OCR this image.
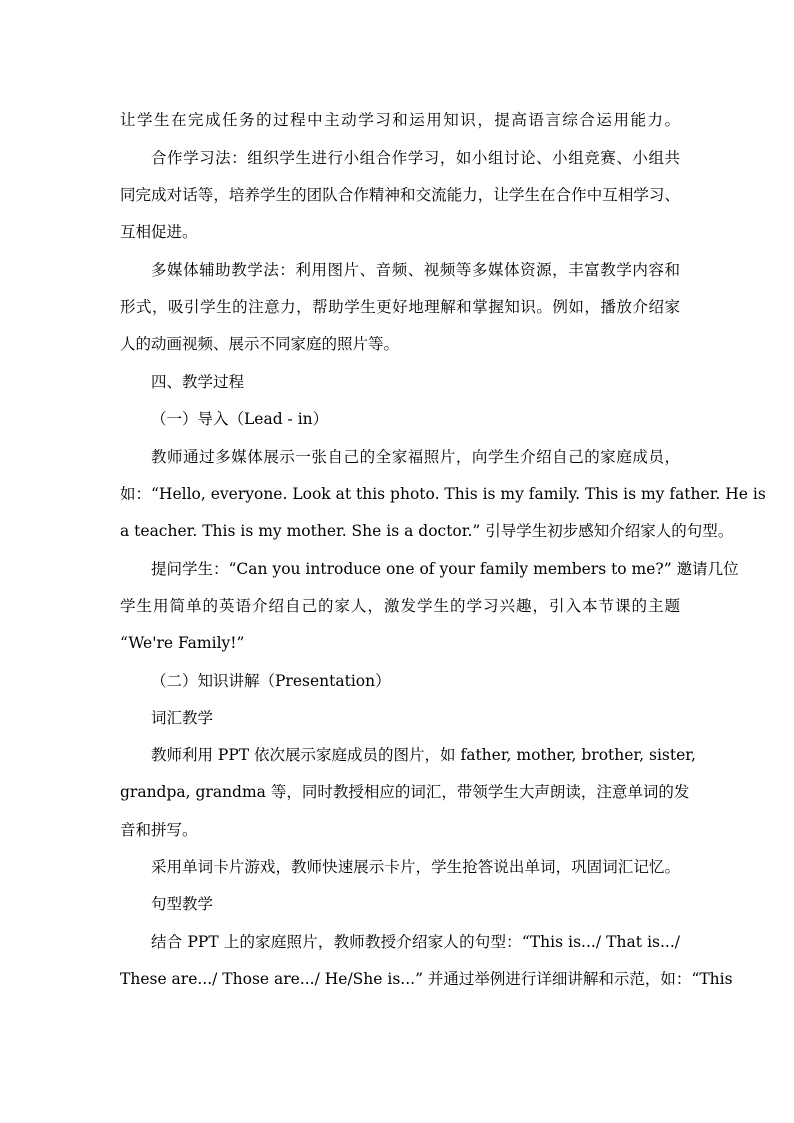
让学生在完成任务的过程中主动学习和运用知识，提高语言综合运用能力。
合作学习法：组织学生进行小组合作学习，如小组讨论、小组竞赛、小组共
同完成对话等，培养学生的团队合作精神和交流能力，让学生在合作中互相学习、
互相促进。
多媒体辅助教学法：利用图片、音频、视频等多媒体资源，丰富教学内容和
形式，吸引学生的注意力，帮助学生更好地理解和掌握知识。例如，播放介绍家
人的动画视频、展示不同家庭的照片等。
四、教学过程
（一）导入（Lead - in）
教师通过多媒体展示一张自己的全家福照片，向学生介绍自己的家庭成员，
如：“Hello, everyone. Look at this photo. This is my family. This is my father. He is
a teacher. This is my mother. She is a doctor.” 引导学生初步感知介绍家人的句型。
提问学生：“Can you introduce one of your family members to me?” 邀请几位
学生用简单的英语介绍自己的家人，激发学生的学习兴趣，引入本节课的主题
“We're Family!”
（二）知识讲解（Presentation）
词汇教学
教师利用 PPT 依次展示家庭成员的图片，如 father, mother, brother, sister,
grandpa, grandma 等，同时教授相应的词汇，带领学生大声朗读，注意单词的发
音和拼写。
采用单词卡片游戏，教师快速展示卡片，学生抢答说出单词，巩固词汇记忆。
句型教学
结合 PPT 上的家庭照片，教师教授介绍家人的句型：“This is.../ That is.../
These are.../ Those are.../ He/She is...” 并通过举例进行详细讲解和示范，如：“This
